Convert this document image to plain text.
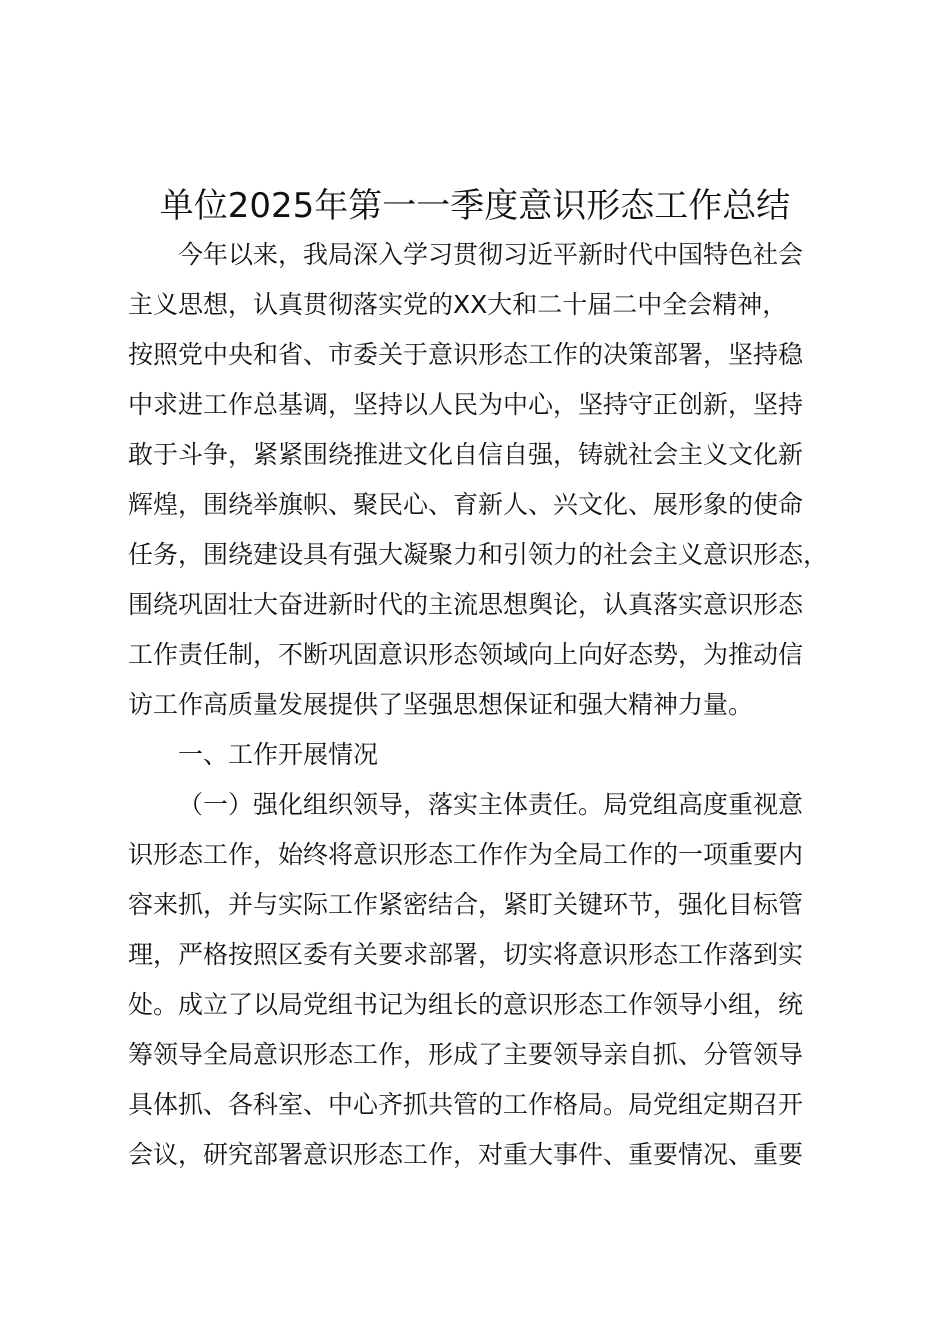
单位2025年第一一季度意识形态工作总结
今年以来，我局深入学习贯彻习近平新时代中国特色社会
主义思想，认真贯彻落实党的XX大和二十届二中全会精神，
按照党中央和省、市委关于意识形态工作的决策部署，坚持稳
中求进工作总基调，坚持以人民为中心，坚持守正创新，坚持
敢于斗争，紧紧围绕推进文化自信自强，铸就社会主义文化新
辉煌，围绕举旗帜、聚民心、育新人、兴文化、展形象的使命
任务，围绕建设具有强大凝聚力和引领力的社会主义意识形态，
围绕巩固壮大奋进新时代的主流思想舆论，认真落实意识形态
工作责任制，不断巩固意识形态领域向上向好态势，为推动信
访工作高质量发展提供了坚强思想保证和强大精神力量。
一、工作开展情况
（一）强化组织领导，落实主体责任。局党组高度重视意
识形态工作，始终将意识形态工作作为全局工作的一项重要内
容来抓，并与实际工作紧密结合，紧盯关键环节，强化目标管
理，严格按照区委有关要求部署，切实将意识形态工作落到实
处。成立了以局党组书记为组长的意识形态工作领导小组，统
筹领导全局意识形态工作，形成了主要领导亲自抓、分管领导
具体抓、各科室、中心齐抓共管的工作格局。局党组定期召开
会议，研究部署意识形态工作，对重大事件、重要情况、重要
